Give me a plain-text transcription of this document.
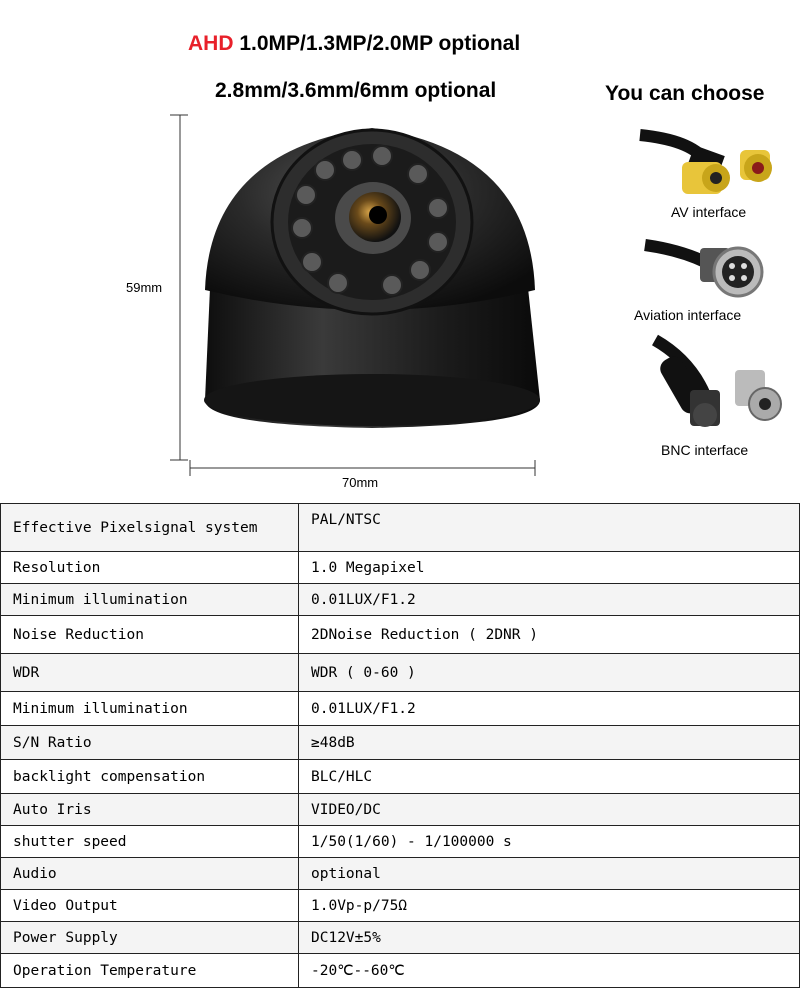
AHD 1.0MP/1.3MP/2.0MP optional
2.8mm/3.6mm/6mm optional	You can choose
59mm
70mm
AV interface
Aviation interface
BNC interface
Effective Pixelsignal system	PAL/NTSC
Resolution	1.0 Megapixel
Minimum illumination	0.01LUX/F1.2
Noise Reduction	2DNoise Reduction ( 2DNR )
WDR	WDR ( 0-60 )
Minimum illumination	0.01LUX/F1.2
S/N Ratio	≥48dB
backlight compensation	BLC/HLC
Auto Iris	VIDEO/DC
shutter speed	1/50(1/60) - 1/100000 s
Audio	optional
Video Output	1.0Vp-p/75Ω
Power Supply	DC12V±5%
Operation Temperature	-20℃--60℃
